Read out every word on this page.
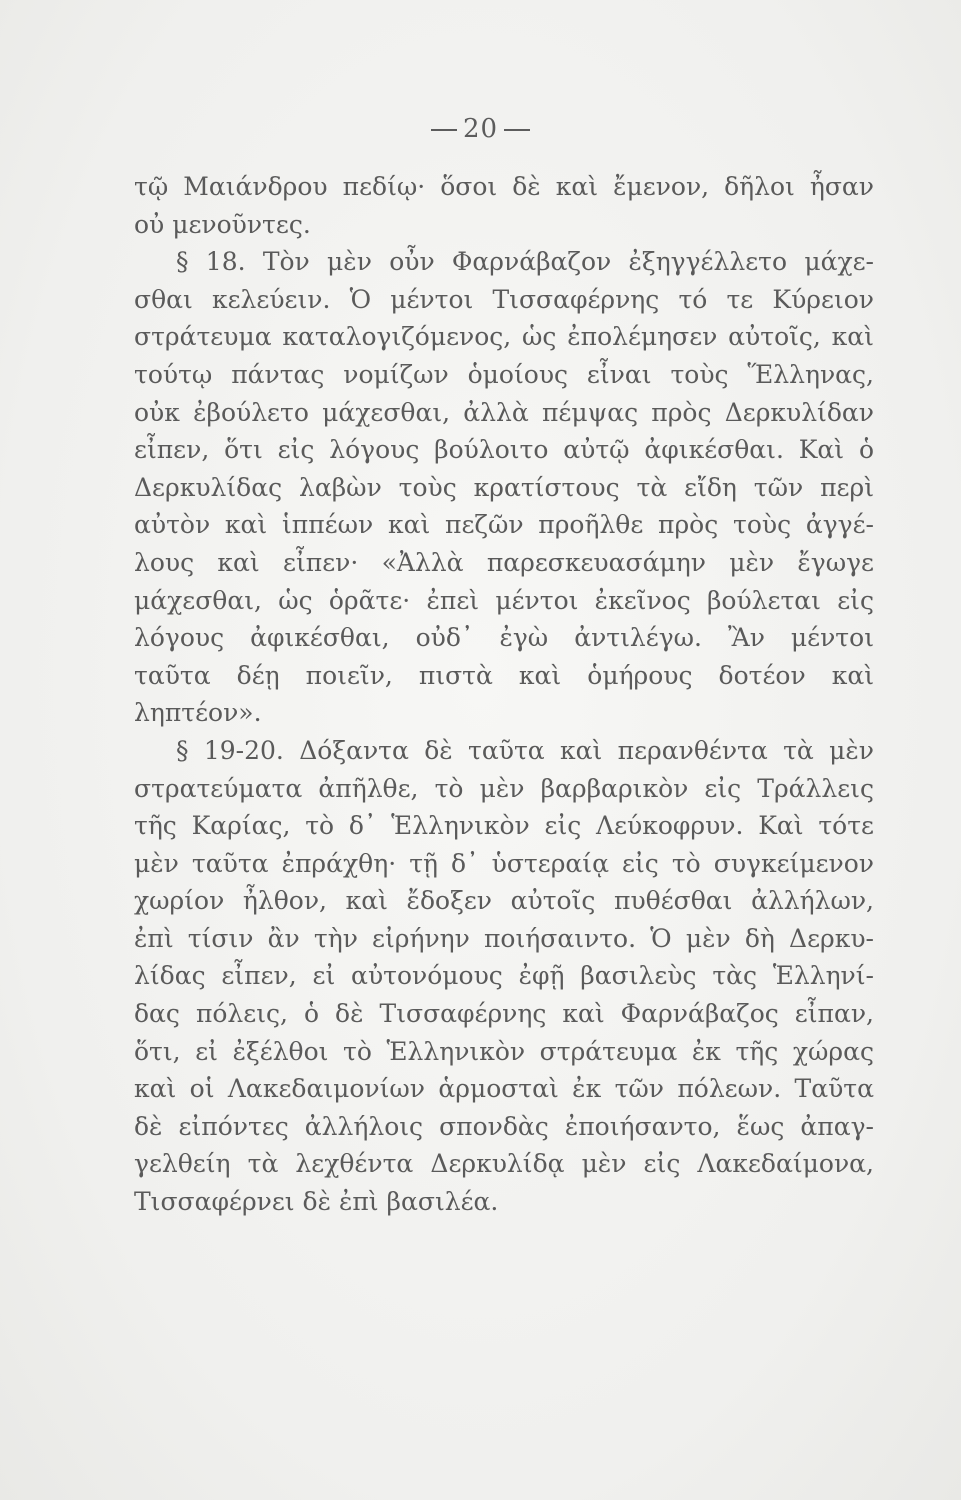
20
τῷ Μαιάνδρου πεδίῳ· ὅσοι δὲ καὶ ἔμενον, δῆλοι ἦσαν
οὐ μενοῦντες.
§ 18. Τὸν μὲν οὖν Φαρνάβαζον ἐξηγγέλλετο μάχε-
σθαι κελεύειν. Ὁ μέντοι Τισσαφέρνης τό τε Κύρειον
στράτευμα καταλογιζόμενος, ὡς ἐπολέμησεν αὐτοῖς, καὶ
τούτῳ πάντας νομίζων ὁμοίους εἶναι τοὺς Ἕλληνας,
οὐκ ἐβούλετο μάχεσθαι, ἀλλὰ πέμψας πρὸς Δερκυλίδαν
εἶπεν, ὅτι εἰς λόγους βούλοιτο αὐτῷ ἀφικέσθαι. Καὶ ὁ
Δερκυλίδας λαβὼν τοὺς κρατίστους τὰ εἴδη τῶν περὶ
αὐτὸν καὶ ἱππέων καὶ πεζῶν προῆλθε πρὸς τοὺς ἀγγέ-
λους καὶ εἶπεν· «Ἀλλὰ παρεσκευασάμην μὲν ἔγωγε
μάχεσθαι, ὡς ὁρᾶτε· ἐπεὶ μέντοι ἐκεῖνος βούλεται εἰς
λόγους ἀφικέσθαι, οὐδ᾽ ἐγὼ ἀντιλέγω. Ἂν μέντοι
ταῦτα δέῃ ποιεῖν, πιστὰ καὶ ὁμήρους δοτέον καὶ
ληπτέον».
§ 19-20. Δόξαντα δὲ ταῦτα καὶ περανθέντα τὰ μὲν
στρατεύματα ἀπῆλθε, τὸ μὲν βαρβαρικὸν εἰς Τράλλεις
τῆς Καρίας, τὸ δ᾽ Ἑλληνικὸν εἰς Λεύκοφρυν. Καὶ τότε
μὲν ταῦτα ἐπράχθη· τῇ δ᾽ ὑστεραίᾳ εἰς τὸ συγκείμενον
χωρίον ἦλθον, καὶ ἔδοξεν αὐτοῖς πυθέσθαι ἀλλήλων,
ἐπὶ τίσιν ἂν τὴν εἰρήνην ποιήσαιντο. Ὁ μὲν δὴ Δερκυ-
λίδας εἶπεν, εἰ αὐτονόμους ἐφῇ βασιλεὺς τὰς Ἑλληνί-
δας πόλεις, ὁ δὲ Τισσαφέρνης καὶ Φαρνάβαζος εἶπαν,
ὅτι, εἰ ἐξέλθοι τὸ Ἑλληνικὸν στράτευμα ἐκ τῆς χώρας
καὶ οἱ Λακεδαιμονίων ἁρμοσταὶ ἐκ τῶν πόλεων. Ταῦτα
δὲ εἰπόντες ἀλλήλοις σπονδὰς ἐποιήσαντο, ἕως ἀπαγ-
γελθείη τὰ λεχθέντα Δερκυλίδᾳ μὲν εἰς Λακεδαίμονα,
Τισσαφέρνει δὲ ἐπὶ βασιλέα.
